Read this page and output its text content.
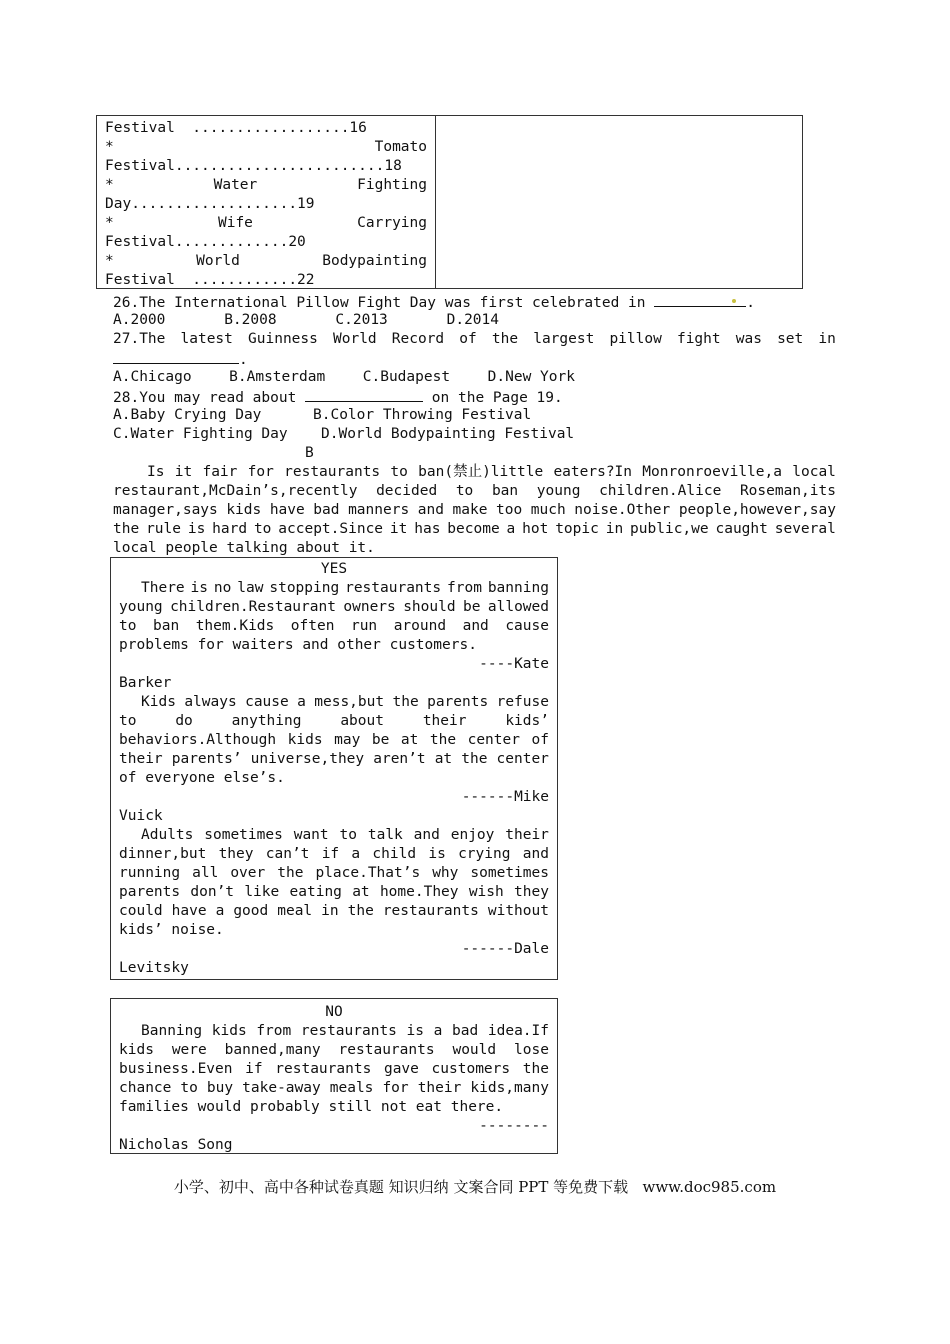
Festival  ..................16
*	Tomato
Festival........................18
*	Water	Fighting
Day...................19
*	Wife	Carrying
Festival.............20
*	World	Bodypainting
Festival  ............22
26.The International Pillow Fight Day was first celebrated in	.
A.2000	B.2008	C.2013	D.2014
27.The latest Guinness World Record of the largest pillow fight was set in
.
A.Chicago	B.Amsterdam	C.Budapest	D.New York
28.You may read about	on the Page 19.
A.Baby Crying Day	B.Color Throwing Festival
C.Water Fighting Day D.World Bodypainting Festival
B
Is it fair for restaurants to ban(禁止)little eaters?In Monronroeville,a local
restaurant,McDain’s,recently decided to ban young children.Alice Roseman,its
manager,says kids have bad manners and make too much noise.Other people,however,say
the rule is hard to accept.Since it has become a hot topic in public,we caught several
local people talking about it.
YES
There is no law stopping restaurants from banning
young children.Restaurant owners should be allowed
to ban them.Kids often run around and cause
problems for waiters and other customers.
----Kate
Barker
Kids always cause a mess,but the parents refuse
to	do	anything	about	their	kids’
behaviors.Although kids may be at the center of
their parents’ universe,they aren’t at the center
of everyone else’s.
------Mike
Vuick
Adults sometimes want to talk and enjoy their
dinner,but they can’t if a child is crying and
running all over the place.That’s why sometimes
parents don’t like eating at home.They wish they
could have a good meal in the restaurants without
kids’ noise.
------Dale
Levitsky
NO
Banning kids from restaurants is a bad idea.If
kids were banned,many restaurants would lose
business.Even if restaurants gave customers the
chance to buy take-away meals for their kids,many
families would probably still not eat there.
--------
Nicholas Song
小学、初中、高中各种试卷真题 知识归纳 文案合同 PPT 等免费下载   www.doc985.com
